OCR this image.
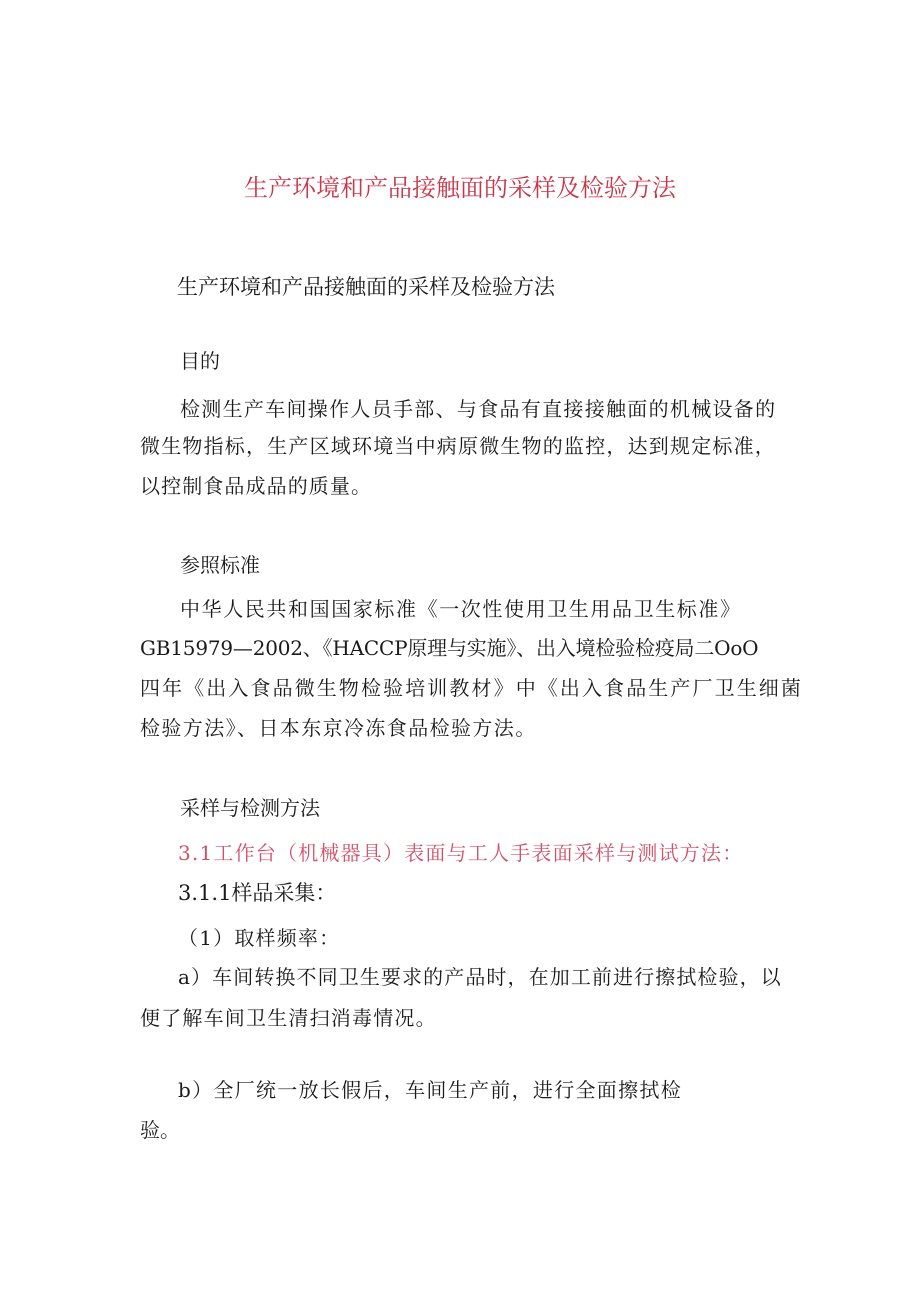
生产环境和产品接触面的采样及检验方法
生产环境和产品接触面的采样及检验方法
目的
检测生产车间操作人员手部、与食品有直接接触面的机械设备的
微生物指标，生产区域环境当中病原微生物的监控，达到规定标准，
以控制食品成品的质量。
参照标准
中华人民共和国国家标准《一次性使用卫生用品卫生标准》
GB15979—2002、《HACCP原理与实施》、出入境检验检疫局二OoO
四年《出入食品微生物检验培训教材》中《出入食品生产厂卫生细菌
检验方法》、日本东京冷冻食品检验方法。
采样与检测方法
3.1工作台（机械器具）表面与工人手表面采样与测试方法：
3.1.1样品采集：
（1）取样频率：
a）车间转换不同卫生要求的产品时，在加工前进行擦拭检验，以
便了解车间卫生清扫消毒情况。
b）全厂统一放长假后，车间生产前，进行全面擦拭检
验。
